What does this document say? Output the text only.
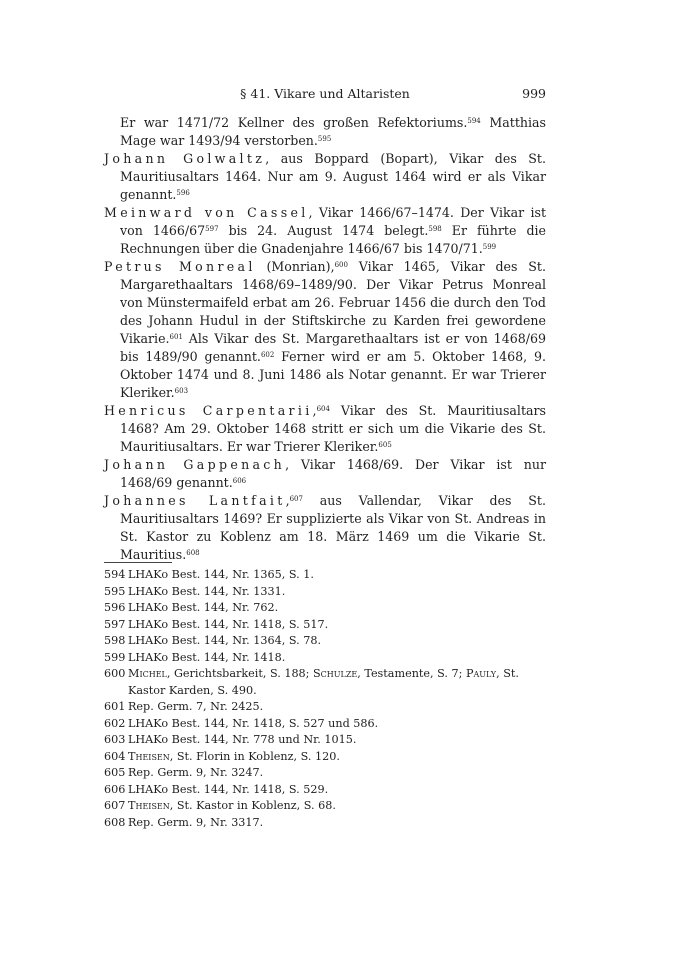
§ 41. Vikare und Altaristen	999

Er war 1471/72 Kellner des großen Refektoriums.$^{594}$ Matthias Mage war 1493/94 verstorben.$^{595}$

Johann Golwaltz, aus Boppard (Bopart), Vikar des St. Mauritiusaltars 1464. Nur am 9. August 1464 wird er als Vikar genannt.$^{596}$

Meinward von Cassel, Vikar 1466/67–1474. Der Vikar ist von 1466/67$^{597}$ bis 24. August 1474 belegt.$^{598}$ Er führte die Rechnungen über die Gnadenjahre 1466/67 bis 1470/71.$^{599}$

Petrus Monreal (Monrian),$^{600}$ Vikar 1465, Vikar des St. Margarethaaltars 1468/69–1489/90. Der Vikar Petrus Monreal von Münstermaifeld erbat am 26. Februar 1456 die durch den Tod des Johann Hudul in der Stiftskirche zu Karden frei gewordene Vikarie.$^{601}$ Als Vikar des St. Margarethaaltars ist er von 1468/69 bis 1489/90 genannt.$^{602}$ Ferner wird er am 5. Oktober 1468, 9. Oktober 1474 und 8. Juni 1486 als Notar genannt. Er war Trierer Kleriker.$^{603}$

Henricus Carpentarii,$^{604}$ Vikar des St. Mauritiusaltars 1468? Am 29. Oktober 1468 stritt er sich um die Vikarie des St. Mauritiusaltars. Er war Trierer Kleriker.$^{605}$

Johann Gappenach, Vikar 1468/69. Der Vikar ist nur 1468/69 genannt.$^{606}$

Johannes Lantfait,$^{607}$ aus Vallendar, Vikar des St. Mauritiusaltars 1469? Er supplizierte als Vikar von St. Andreas in St. Kastor zu Koblenz am 18. März 1469 um die Vikarie St. Mauritius.$^{608}$

594 LHAKo Best. 144, Nr. 1365, S. 1.

595 LHAKo Best. 144, Nr. 1331.

596 LHAKo Best. 144, Nr. 762.

597 LHAKo Best. 144, Nr. 1418, S. 517.

598 LHAKo Best. 144, Nr. 1364, S. 78.

599 LHAKo Best. 144, Nr. 1418.

600 Michel, Gerichtsbarkeit, S. 188; Schulze, Testamente, S. 7; Pauly, St. Kastor Karden, S. 490.

601 Rep. Germ. 7, Nr. 2425.

602 LHAKo Best. 144, Nr. 1418, S. 527 und 586.

603 LHAKo Best. 144, Nr. 778 und Nr. 1015.

604 Theisen, St. Florin in Koblenz, S. 120.

605 Rep. Germ. 9, Nr. 3247.

606 LHAKo Best. 144, Nr. 1418, S. 529.

607 Theisen, St. Kastor in Koblenz, S. 68.

608 Rep. Germ. 9, Nr. 3317.
